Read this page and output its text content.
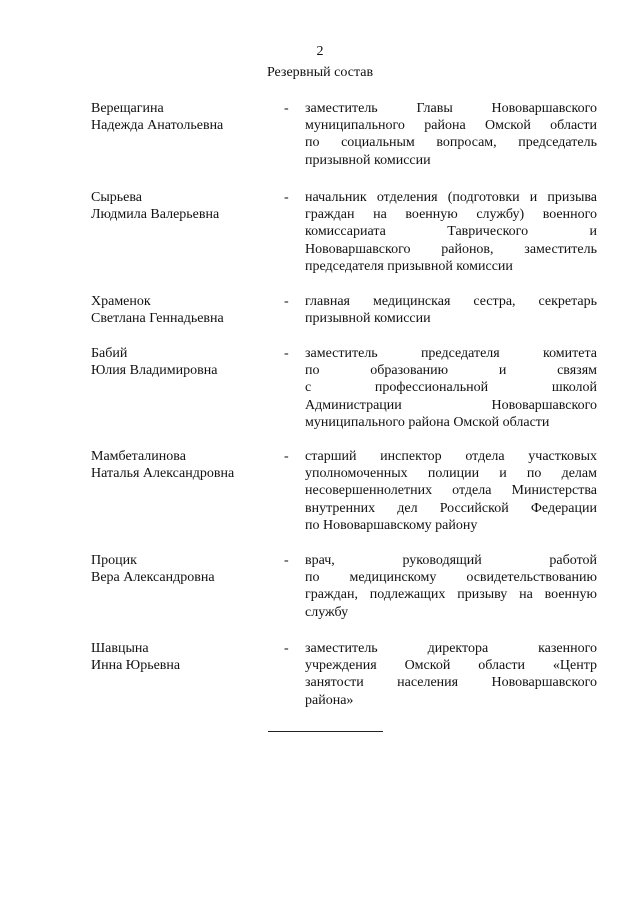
2
Резервный состав
Верещагина
Надежда Анатольевна
- заместитель Главы Нововаршавского
муниципального района Омской области
по социальным вопросам, председатель
призывной комиссии
Сырьева
Людмила Валерьевна
- начальник отделения (подготовки и призыва
граждан на военную службу) военного
комиссариата Таврического и
Нововаршавского районов, заместитель
председателя призывной комиссии
Храменок
Светлана Геннадьевна
- главная медицинская сестра, секретарь
призывной комиссии
Бабий
Юлия Владимировна
- заместитель председателя комитета
по образованию и связям
с профессиональной школой
Администрации Нововаршавского
муниципального района Омской области
Мамбеталинова
Наталья Александровна
- старший инспектор отдела участковых
уполномоченных полиции и по делам
несовершеннолетних отдела Министерства
внутренних дел Российской Федерации
по Нововаршавскому району
Процик
Вера Александровна
- врач, руководящий работой
по медицинскому освидетельствованию
граждан, подлежащих призыву на военную
службу
Шавцына
Инна Юрьевна
- заместитель директора казенного
учреждения Омской области «Центр
занятости населения Нововаршавского
района»
